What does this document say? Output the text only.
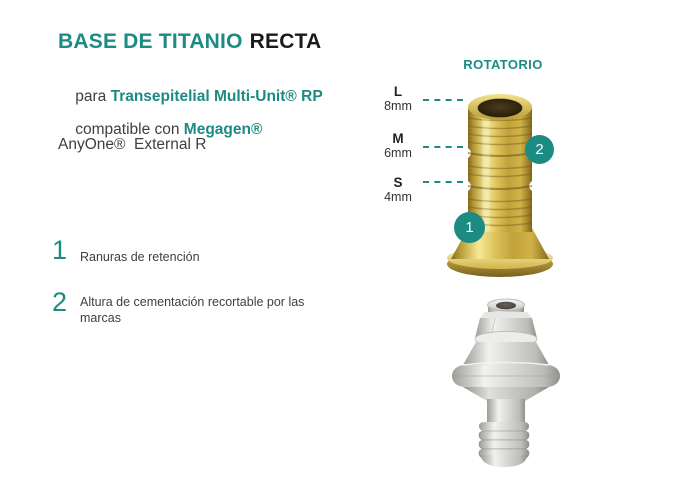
BASE DE TITANIO RECTA

para Transepitelial Multi-Unit® RP

compatible con Megagen®

AnyOne®  External R
1 Ranuras de retención
2 Altura de cementación recortable por las marcas
ROTATORIO
L
8mm
M
6mm
S
4mm
1
2
